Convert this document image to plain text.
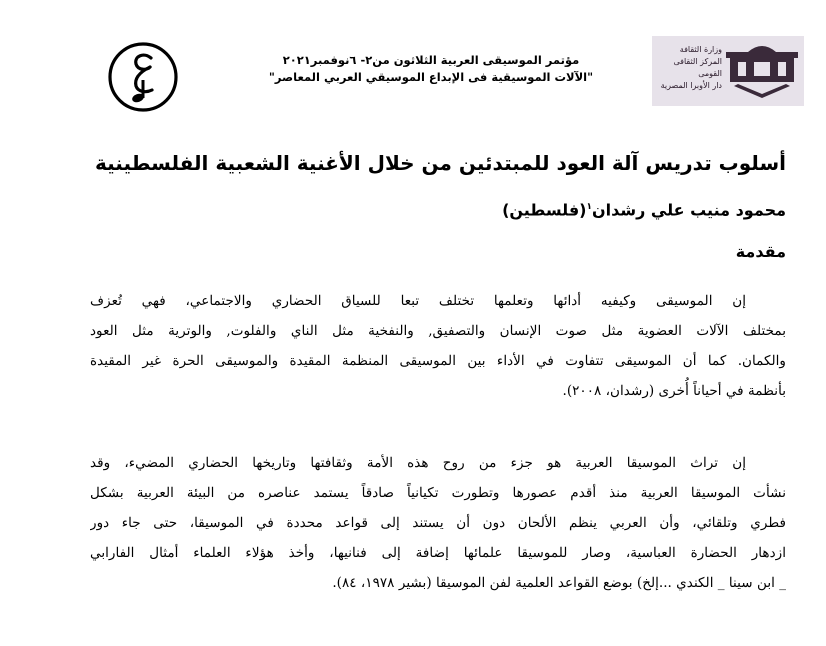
مؤتمر الموسيقى العربية الثلاثون من٢- ٦نوفمبر٢٠٢١
"الآلات الموسيقية فى الإبداع الموسيقي العربي المعاصر"
وزارة الثقافة
المركز الثقافى القومى
دار الأوبرا المصرية
أسلوب تدريس آلة العود للمبتدئين من خلال الأغنية الشعبية الفلسطينية
محمود منيب علي رشدان$^١$(فلسطين)
مقدمة
إن الموسيقى وكيفيه أدائها وتعلمها تختلف تبعا للسياق الحضاري والاجتماعي، فهي تُعزف
بمختلف الآلات العضوية مثل صوت الإنسان والتصفيق, والنفخية مثل الناي والفلوت, والوترية مثل العود
والكمان. كما أن الموسيقى تتفاوت في الأداء بين الموسيقى المنظمة المقيدة والموسيقى الحرة غير المقيدة
بأنظمة في أحياناً أُخرى (رشدان، ٢٠٠٨).
إن تراث الموسيقا العربية هو جزء من روح هذه الأمة وثقافتها وتاريخها الحضاري المضيء، وقد
نشأت الموسيقا العربية منذ أقدم عصورها وتطورت تكيانياً صادقاً يستمد عناصره من البيئة العربية بشكل
فطري وتلقائي، وأن العربي ينظم الألحان دون أن يستند إلى قواعد محددة في الموسيقا، حتى جاء دور
ازدهار الحضارة العباسية، وصار للموسيقا علمائها إضافة إلى فنانيها، وأخذ هؤلاء العلماء أمثال الفارابي
_ ابن سينا _ الكندي ...إلخ) بوضع القواعد العلمية لفن الموسيقا (بشير ١٩٧٨، ٨٤).
